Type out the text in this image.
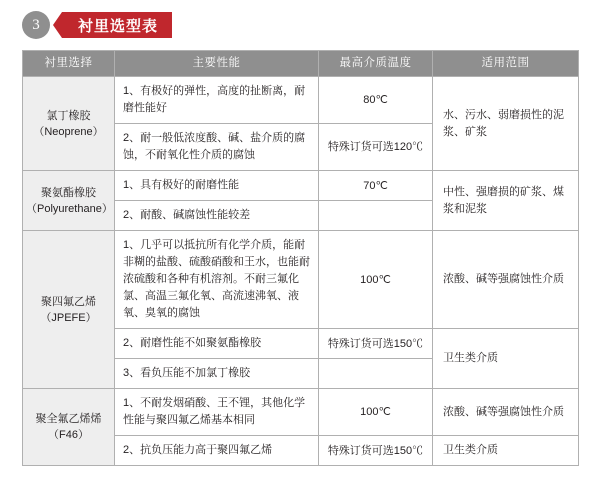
3	衬里选型表
衬里选择	主要性能	最高介质温度	适用范围
氯丁橡胶
（Neoprene）	1、有极好的弹性，高度的扯断离，耐磨性能好	80℃	水、污水、弱磨损性的泥浆、矿浆
	2、耐一般低浓度酸、碱、盐介质的腐蚀，不耐氧化性介质的腐蚀	特殊订货可选120℃	
聚氨酯橡胶
（Polyurethane）	1、具有极好的耐磨性能	70℃	中性、强磨损的矿浆、煤浆和泥浆
	2、耐酸、碱腐蚀性能较差		
聚四氟乙烯
（JPEFE）	1、几乎可以抵抗所有化学介质，能耐非糊的盐酸、硫酸硝酸和王水，也能耐浓硫酸和各种有机溶剂。不耐三氟化氯、高温三氟化氧、高流速沸氧、液氧、臭氧的腐蚀	100℃	浓酸、碱等强腐蚀性介质
	2、耐磨性能不如聚氨酯橡胶	特殊订货可选150℃	卫生类介质
	3、看负压能不加氯丁橡胶		
聚全氟乙烯烯
（F46）	1、不耐发烟硝酸、王不锂，其他化学性能与聚四氟乙烯基本相同	100℃	浓酸、碱等强腐蚀性介质
	2、抗负压能力高于聚四氟乙烯	特殊订货可选150℃	卫生类介质
